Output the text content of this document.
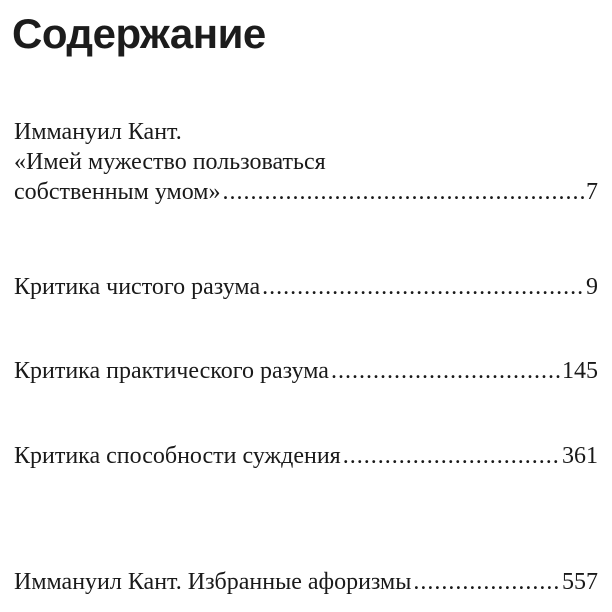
Содержание
Иммануил Кант.
«Имей мужество пользоваться
собственным умом» .....	7
Критика чистого разума .....	9
Критика практического разума .....	145
Критика способности суждения .....	361
Иммануил Кант. Избранные афоризмы .....	557
